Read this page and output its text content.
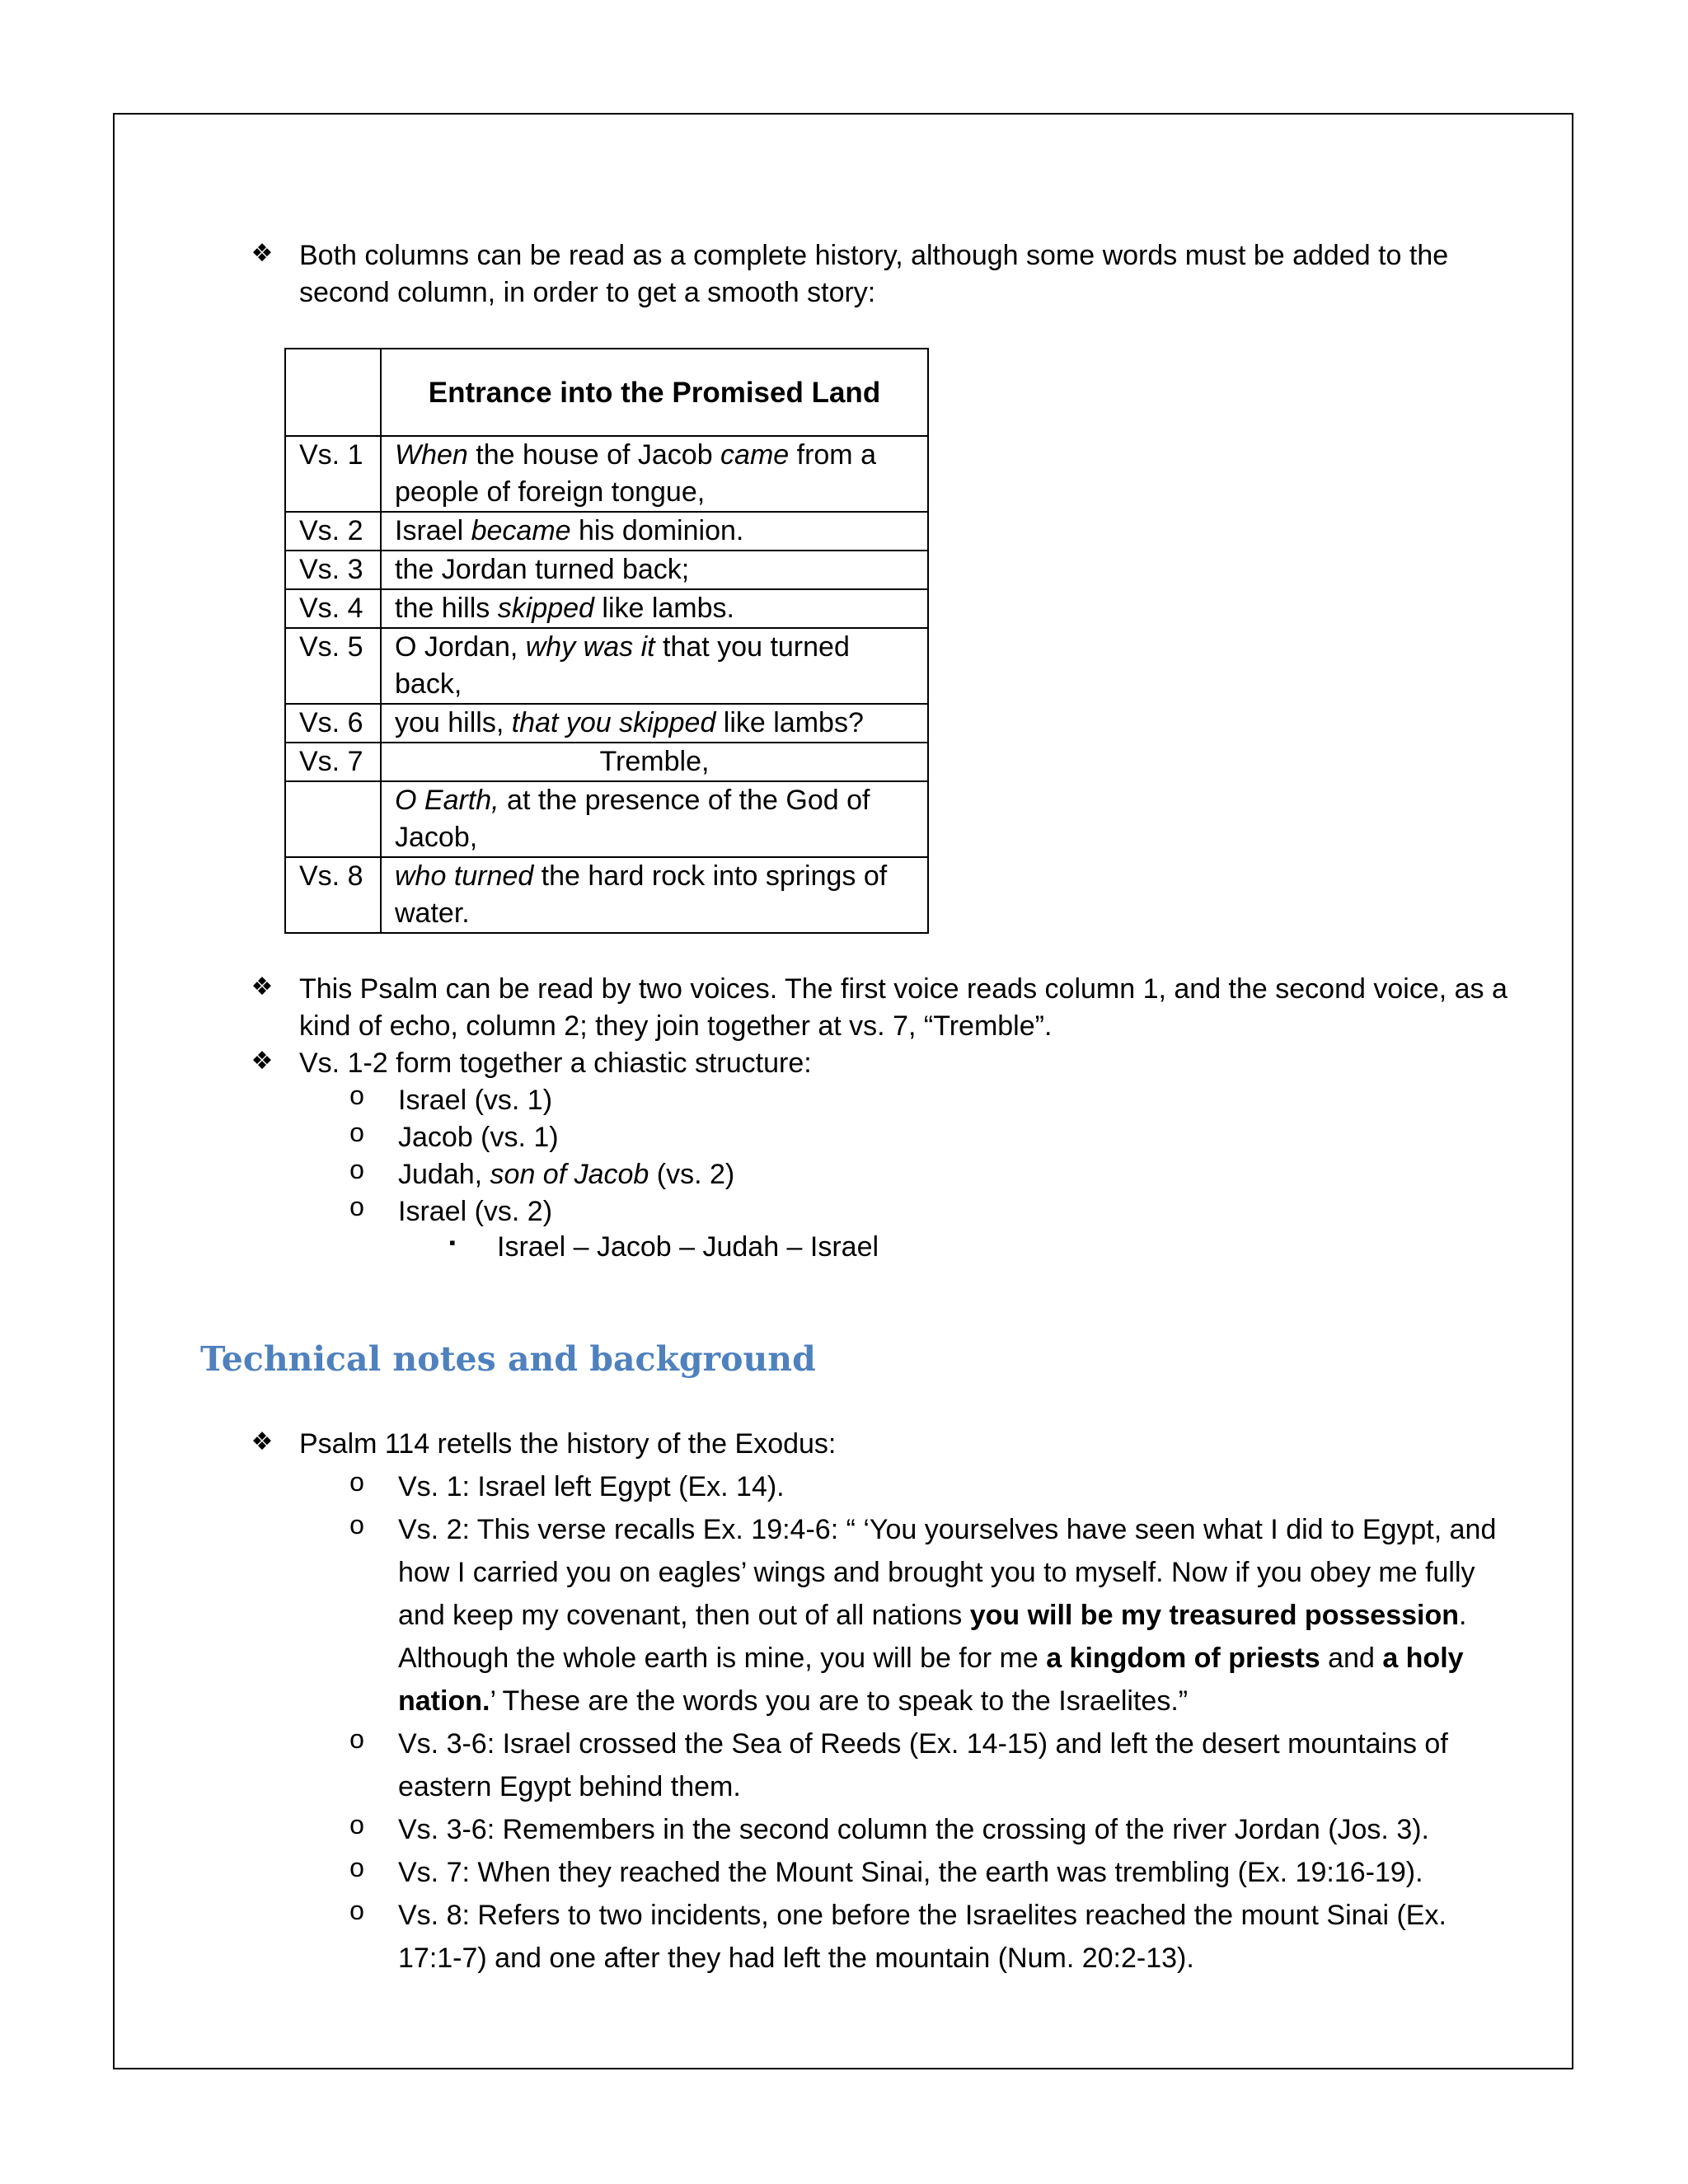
❖ Both columns can be read as a complete history, although some words must be added to the
second column, in order to get a smooth story:
	Entrance into the Promised Land
Vs. 1	When the house of Jacob came from a people of foreign tongue,
Vs. 2	Israel became his dominion.
Vs. 3	the Jordan turned back;
Vs. 4	the hills skipped like lambs.
Vs. 5	O Jordan, why was it that you turned back,
Vs. 6	you hills, that you skipped like lambs?
Vs. 7	Tremble,
	O Earth, at the presence of the God of Jacob,
Vs. 8	who turned the hard rock into springs of water.
❖ This Psalm can be read by two voices. The first voice reads column 1, and the second voice, as a
kind of echo, column 2; they join together at vs. 7, “Tremble”.
❖ Vs. 1-2 form together a chiastic structure:
o Israel (vs. 1)
o Jacob (vs. 1)
o Judah, son of Jacob (vs. 2)
o Israel (vs. 2)
▪ Israel – Jacob – Judah – Israel
Technical notes and background
❖ Psalm 114 retells the history of the Exodus:
o Vs. 1: Israel left Egypt (Ex. 14).
o Vs. 2: This verse recalls Ex. 19:4-6: “ ‘You yourselves have seen what I did to Egypt, and
how I carried you on eagles’ wings and brought you to myself. Now if you obey me fully
and keep my covenant, then out of all nations you will be my treasured possession.
Although the whole earth is mine, you will be for me a kingdom of priests and a holy
nation.’ These are the words you are to speak to the Israelites.”
o Vs. 3-6: Israel crossed the Sea of Reeds (Ex. 14-15) and left the desert mountains of
eastern Egypt behind them.
o Vs. 3-6: Remembers in the second column the crossing of the river Jordan (Jos. 3).
o Vs. 7: When they reached the Mount Sinai, the earth was trembling (Ex. 19:16-19).
o Vs. 8: Refers to two incidents, one before the Israelites reached the mount Sinai (Ex.
17:1-7) and one after they had left the mountain (Num. 20:2-13).
